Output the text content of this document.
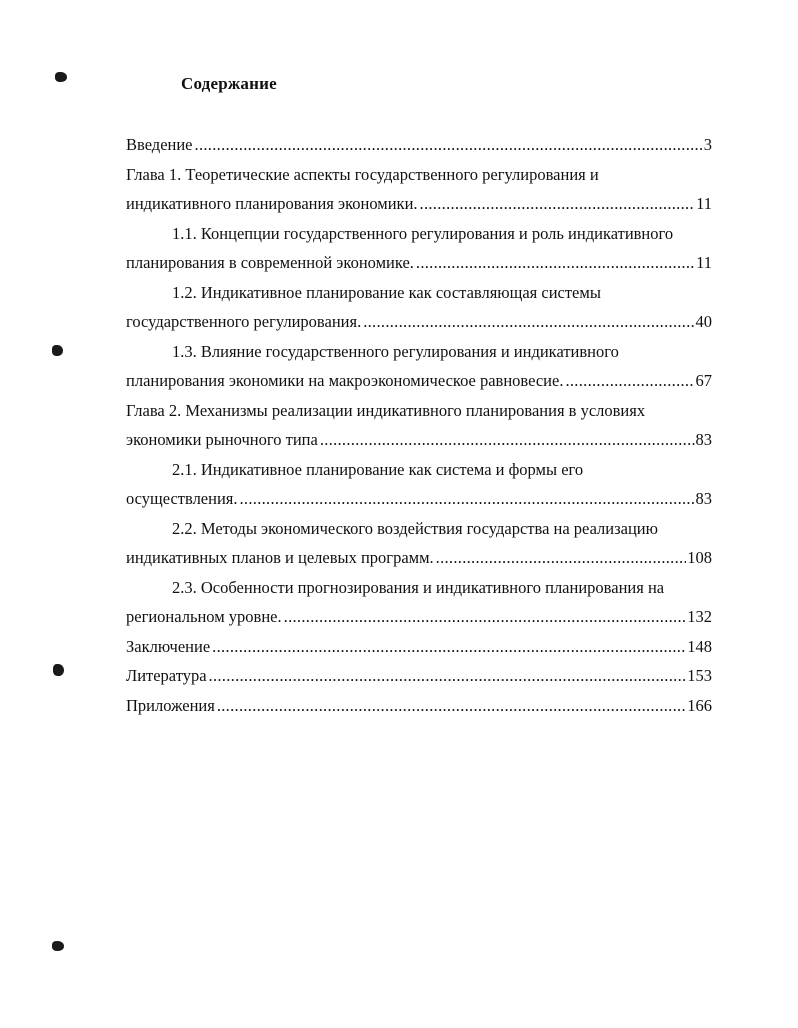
Содержание
Введение .....	3
Глава 1. Теоретические аспекты государственного регулирования и
индикативного планирования экономики. .....	11
1.1. Концепции государственного регулирования и роль индикативного
планирования в современной экономике. .....	11
1.2. Индикативное планирование как составляющая системы
государственного регулирования. .....	40
1.3. Влияние государственного регулирования и индикативного
планирования экономики на макроэкономическое равновесие. .....	67
Глава 2. Механизмы реализации индикативного планирования в условиях
экономики рыночного типа .....	83
2.1. Индикативное планирование как система и формы его
осуществления. .....	83
2.2. Методы экономического воздействия государства на реализацию
индикативных планов и целевых программ. .....	108
2.3. Особенности прогнозирования и индикативного планирования на
региональном уровне. .....	132
Заключение .....	148
Литература .....	153
Приложения .....	166
